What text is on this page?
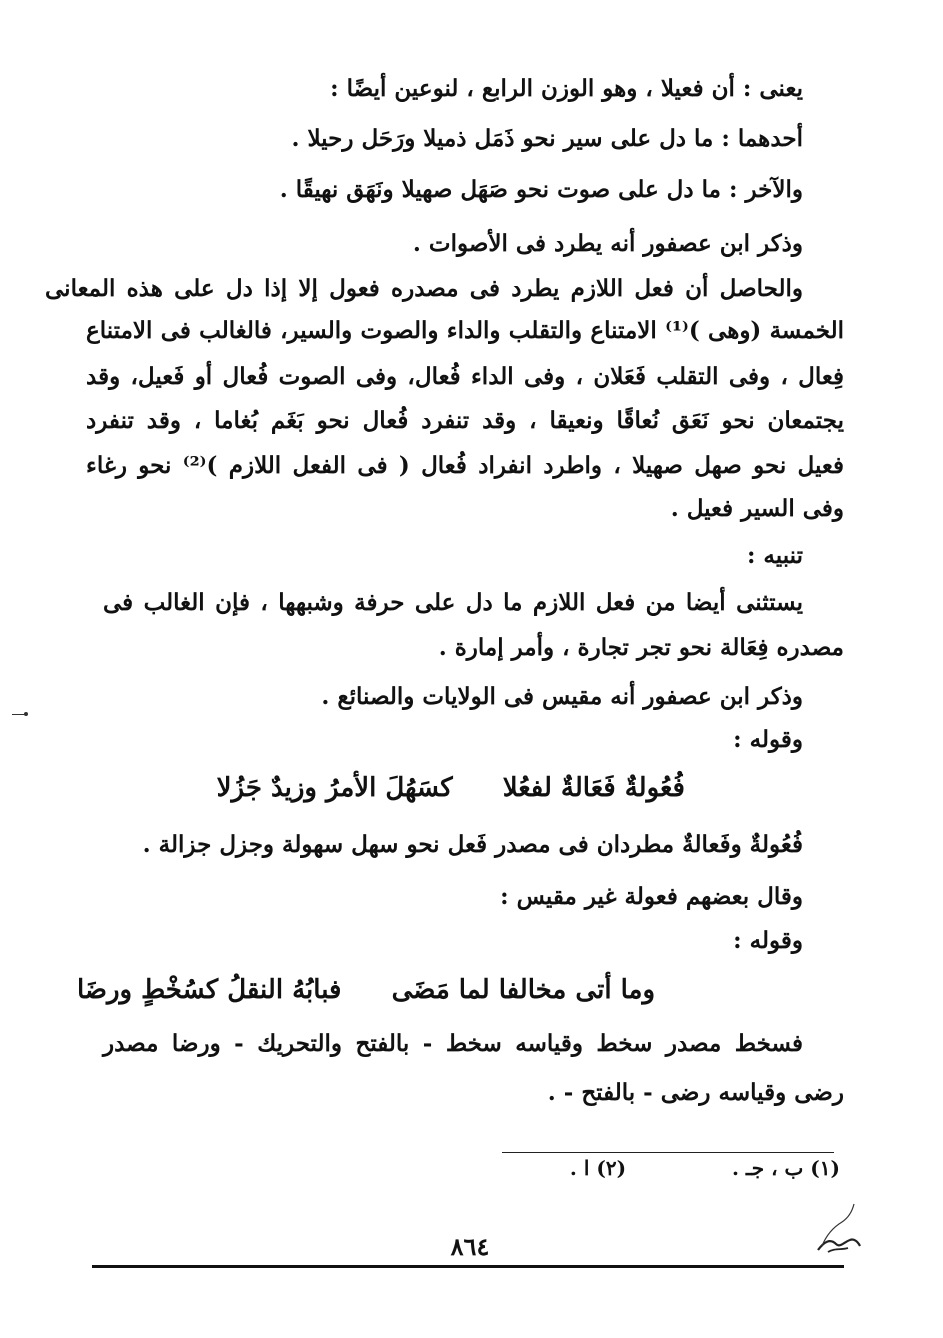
يعنى : أن فعيلا ، وهو الوزن الرابع ، لنوعين أيضًا :
أحدهما : ما دل على سير نحو ذَمَل ذميلا ورَحَل رحيلا .
والآخر : ما دل على صوت نحو صَهَل صهيلا ونَهَق نهيقًا .
وذكر ابن عصفور أنه يطرد فى الأصوات .
والحاصل أن فعل اللازم يطرد فى مصدره فعول إلا إذا دل على هذه المعانى
الخمسة (وهى )⁽¹⁾ الامتناع والتقلب والداء والصوت والسير، فالغالب فى الامتناع
فِعال ، وفى التقلب فَعَلان ، وفى الداء فُعال، وفى الصوت فُعال أو فَعيل، وقد
يجتمعان نحو نَعَق نُعاقًا ونعيقا ، وقد تنفرد فُعال نحو بَغَم بُغاما ، وقد تنفرد
فعيل نحو صهل صهيلا ، واطرد انفراد فُعال ( فى الفعل اللازم )⁽²⁾ نحو رغاء
وفى السير فعيل .
تنبيه :
يستثنى أيضا من فعل اللازم ما دل على حرفة وشبهها ، فإن الغالب فى
مصدره فِعَالة نحو تجر تجارة ، وأمر إمارة .
وذكر ابن عصفور أنه مقيس فى الولايات والصنائع .
وقوله :
فُعُولةٌ فَعَالةٌ لفعُلا  كسَهُلَ الأمرُ وزيدٌ جَزُلا
فُعُولةٌ وفَعالةٌ مطردان فى مصدر فَعل نحو سهل سهولة وجزل جزالة .
وقال بعضهم فعولة غير مقيس :
وقوله :
وما أتى مخالفا لما مَضَى  فبابُهُ النقلُ كسُخْطٍ ورضَا
فسخط مصدر سخط وقياسه سخط - بالفتح والتحريك - ورضا مصدر
رضى وقياسه رضى - بالفتح - .
(١) ب ، جـ .  (٢) ا .
٨٦٤
